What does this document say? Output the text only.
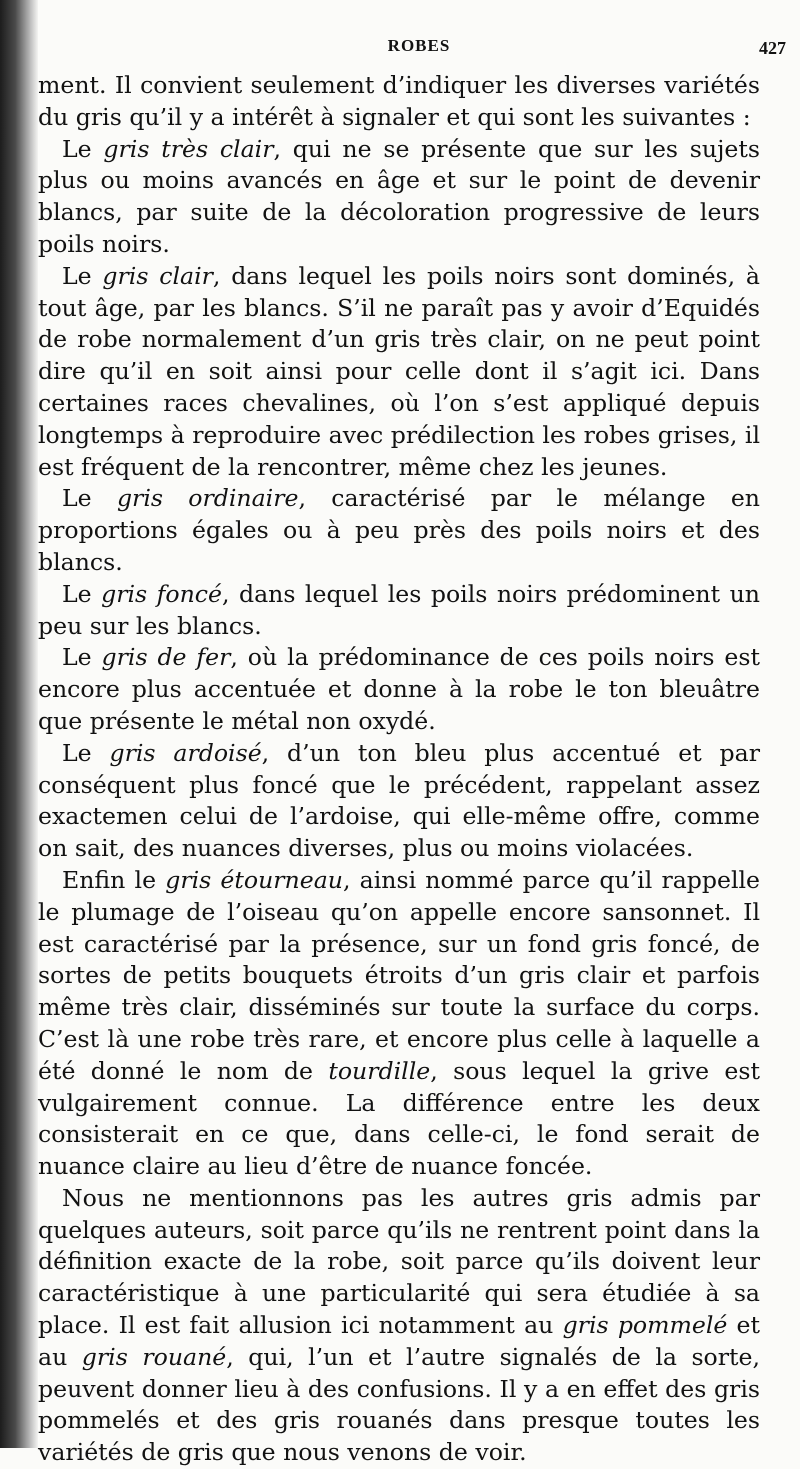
ROBES	427

ment. Il convient seulement d’indiquer les diverses variétés du gris qu’il y a intérêt à signaler et qui sont les suivantes :

Le gris très clair, qui ne se présente que sur les sujets plus ou moins avancés en âge et sur le point de devenir blancs, par suite de la décoloration progressive de leurs poils noirs.

Le gris clair, dans lequel les poils noirs sont dominés, à tout âge, par les blancs. S’il ne paraît pas y avoir d’Equidés de robe normalement d’un gris très clair, on ne peut point dire qu’il en soit ainsi pour celle dont il s’agit ici. Dans certaines races chevalines, où l’on s’est appliqué depuis longtemps à reproduire avec prédilection les robes grises, il est fréquent de la rencontrer, même chez les jeunes.

Le gris ordinaire, caractérisé par le mélange en proportions égales ou à peu près des poils noirs et des blancs.

Le gris foncé, dans lequel les poils noirs prédominent un peu sur les blancs.

Le gris de fer, où la prédominance de ces poils noirs est encore plus accentuée et donne à la robe le ton bleuâtre que présente le métal non oxydé.

Le gris ardoisé, d’un ton bleu plus accentué et par conséquent plus foncé que le précédent, rappelant assez exactemen celui de l’ardoise, qui elle-même offre, comme on sait, des nuances diverses, plus ou moins violacées.

Enfin le gris étourneau, ainsi nommé parce qu’il rappelle le plumage de l’oiseau qu’on appelle encore sansonnet. Il est caractérisé par la présence, sur un fond gris foncé, de sortes de petits bouquets étroits d’un gris clair et parfois même très clair, disséminés sur toute la surface du corps. C’est là une robe très rare, et encore plus celle à laquelle a été donné le nom de tourdille, sous lequel la grive est vulgairement connue. La différence entre les deux consisterait en ce que, dans celle-ci, le fond serait de nuance claire au lieu d’être de nuance foncée.

Nous ne mentionnons pas les autres gris admis par quelques auteurs, soit parce qu’ils ne rentrent point dans la définition exacte de la robe, soit parce qu’ils doivent leur caractéristique à une particularité qui sera étudiée à sa place. Il est fait allusion ici notamment au gris pommelé et au gris rouané, qui, l’un et l’autre signalés de la sorte, peuvent donner lieu à des confusions. Il y a en effet des gris pommelés et des gris rouanés dans presque toutes les variétés de gris que nous venons de voir.
